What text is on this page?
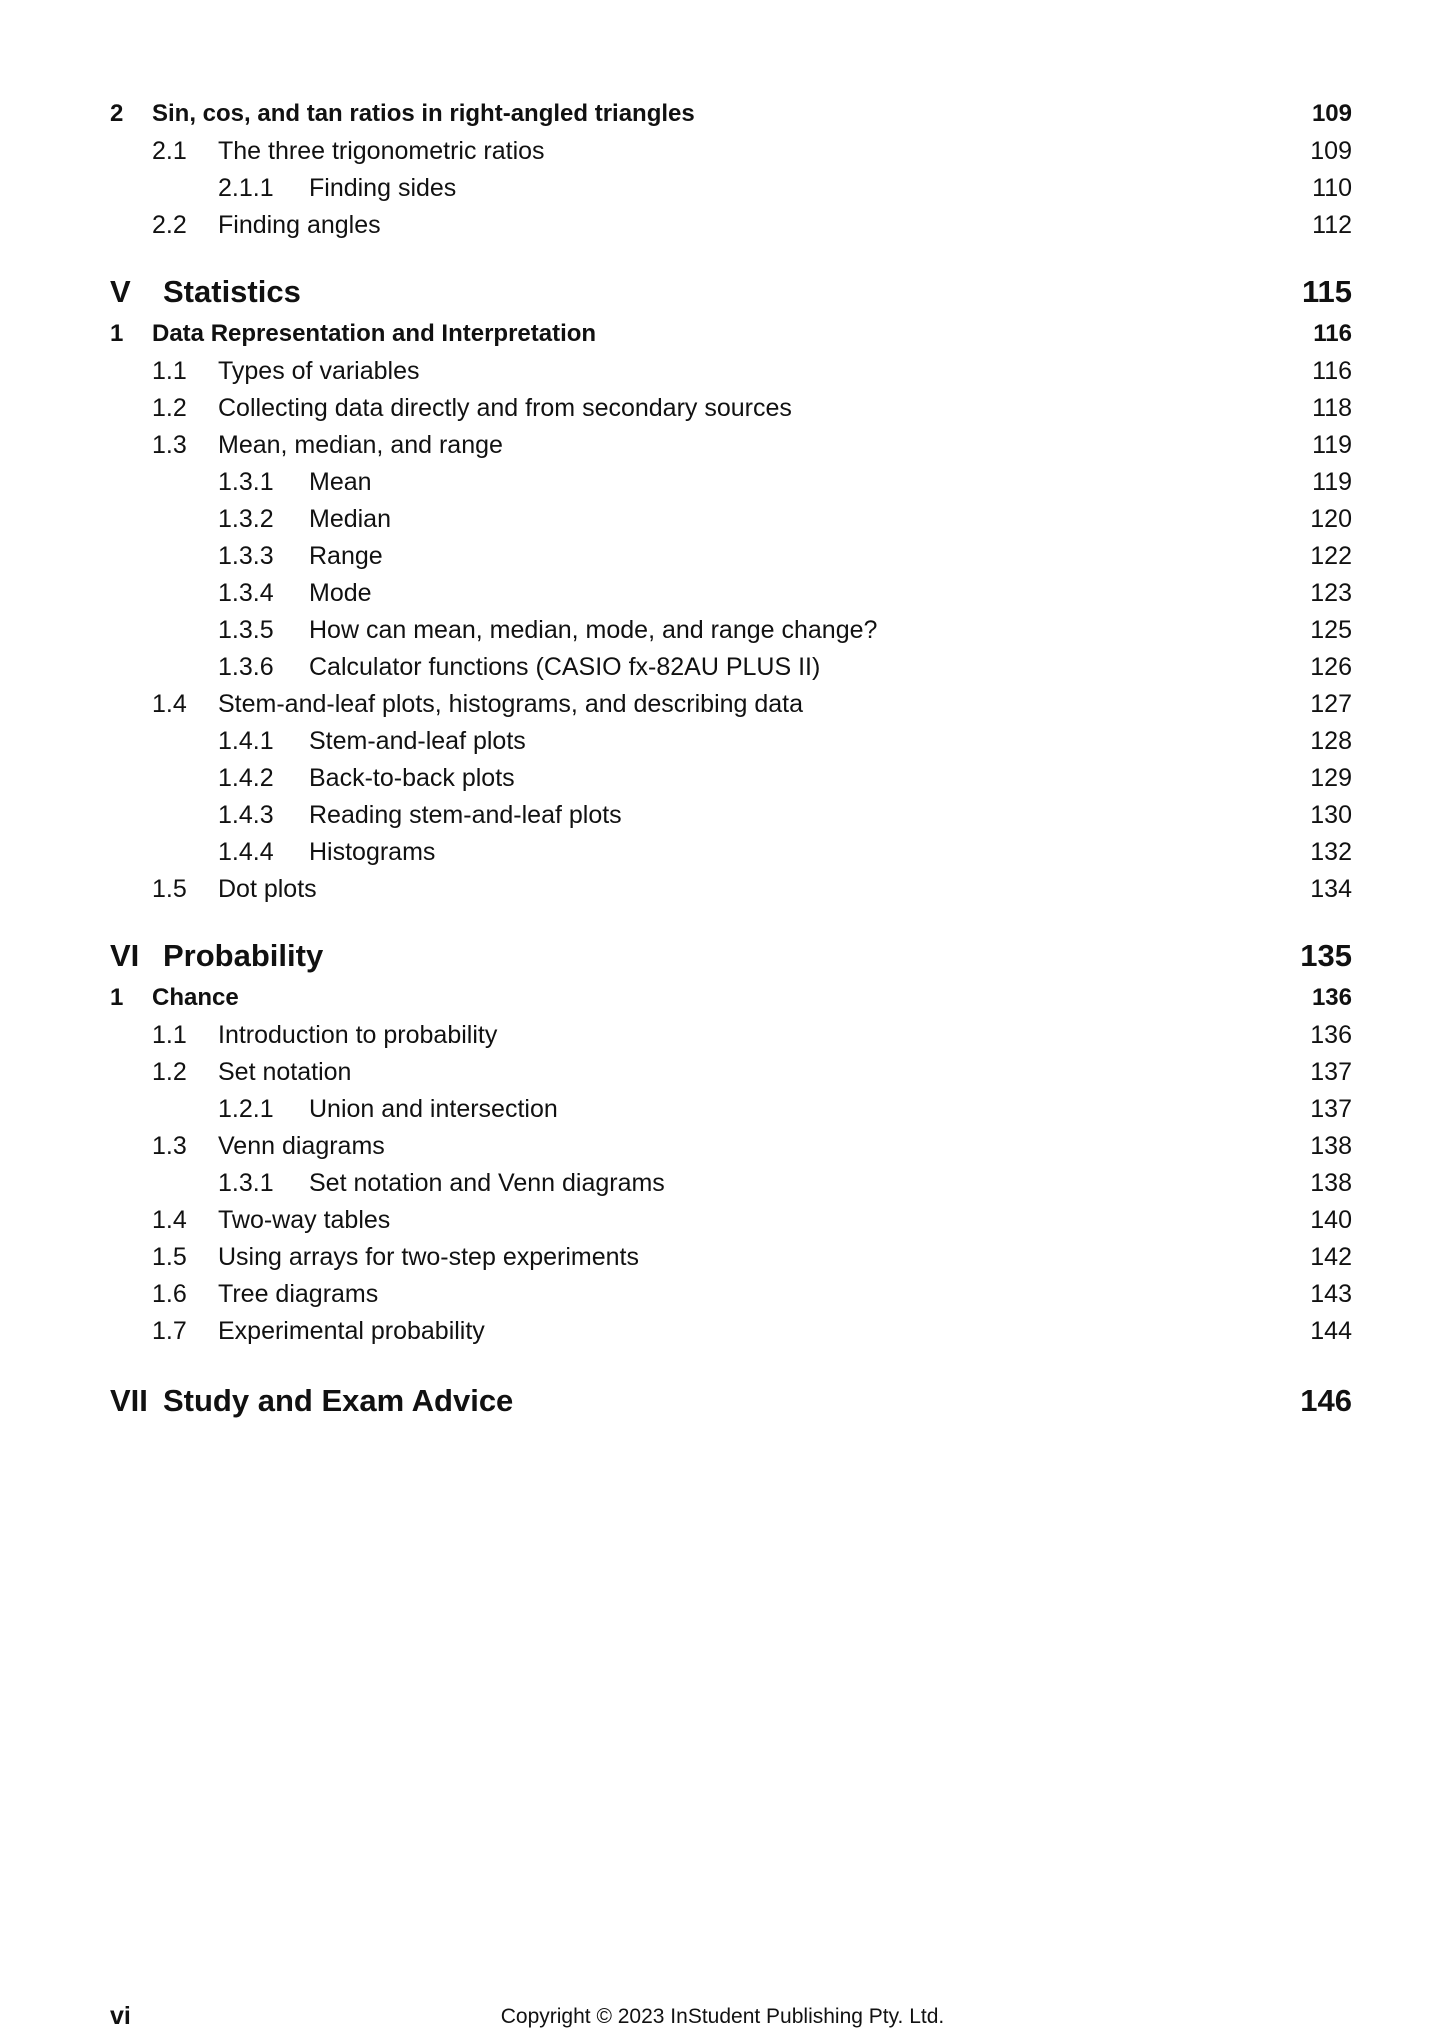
2	Sin, cos, and tan ratios in right-angled triangles	109
2.1	The three trigonometric ratios	109
2.1.1	Finding sides	110
2.2	Finding angles	112
V	Statistics	115
1	Data Representation and Interpretation	116
1.1	Types of variables	116
1.2	Collecting data directly and from secondary sources	118
1.3	Mean, median, and range	119
1.3.1	Mean	119
1.3.2	Median	120
1.3.3	Range	122
1.3.4	Mode	123
1.3.5	How can mean, median, mode, and range change?	125
1.3.6	Calculator functions (CASIO fx-82AU PLUS II)	126
1.4	Stem-and-leaf plots, histograms, and describing data	127
1.4.1	Stem-and-leaf plots	128
1.4.2	Back-to-back plots	129
1.4.3	Reading stem-and-leaf plots	130
1.4.4	Histograms	132
1.5	Dot plots	134
VI Probability	135
1	Chance	136
1.1	Introduction to probability	136
1.2	Set notation	137
1.2.1	Union and intersection	137
1.3	Venn diagrams	138
1.3.1	Set notation and Venn diagrams	138
1.4	Two-way tables	140
1.5	Using arrays for two-step experiments	142
1.6	Tree diagrams	143
1.7	Experimental probability	144
VII Study and Exam Advice	146
vi	Copyright © 2023 InStudent Publishing Pty. Ltd.
